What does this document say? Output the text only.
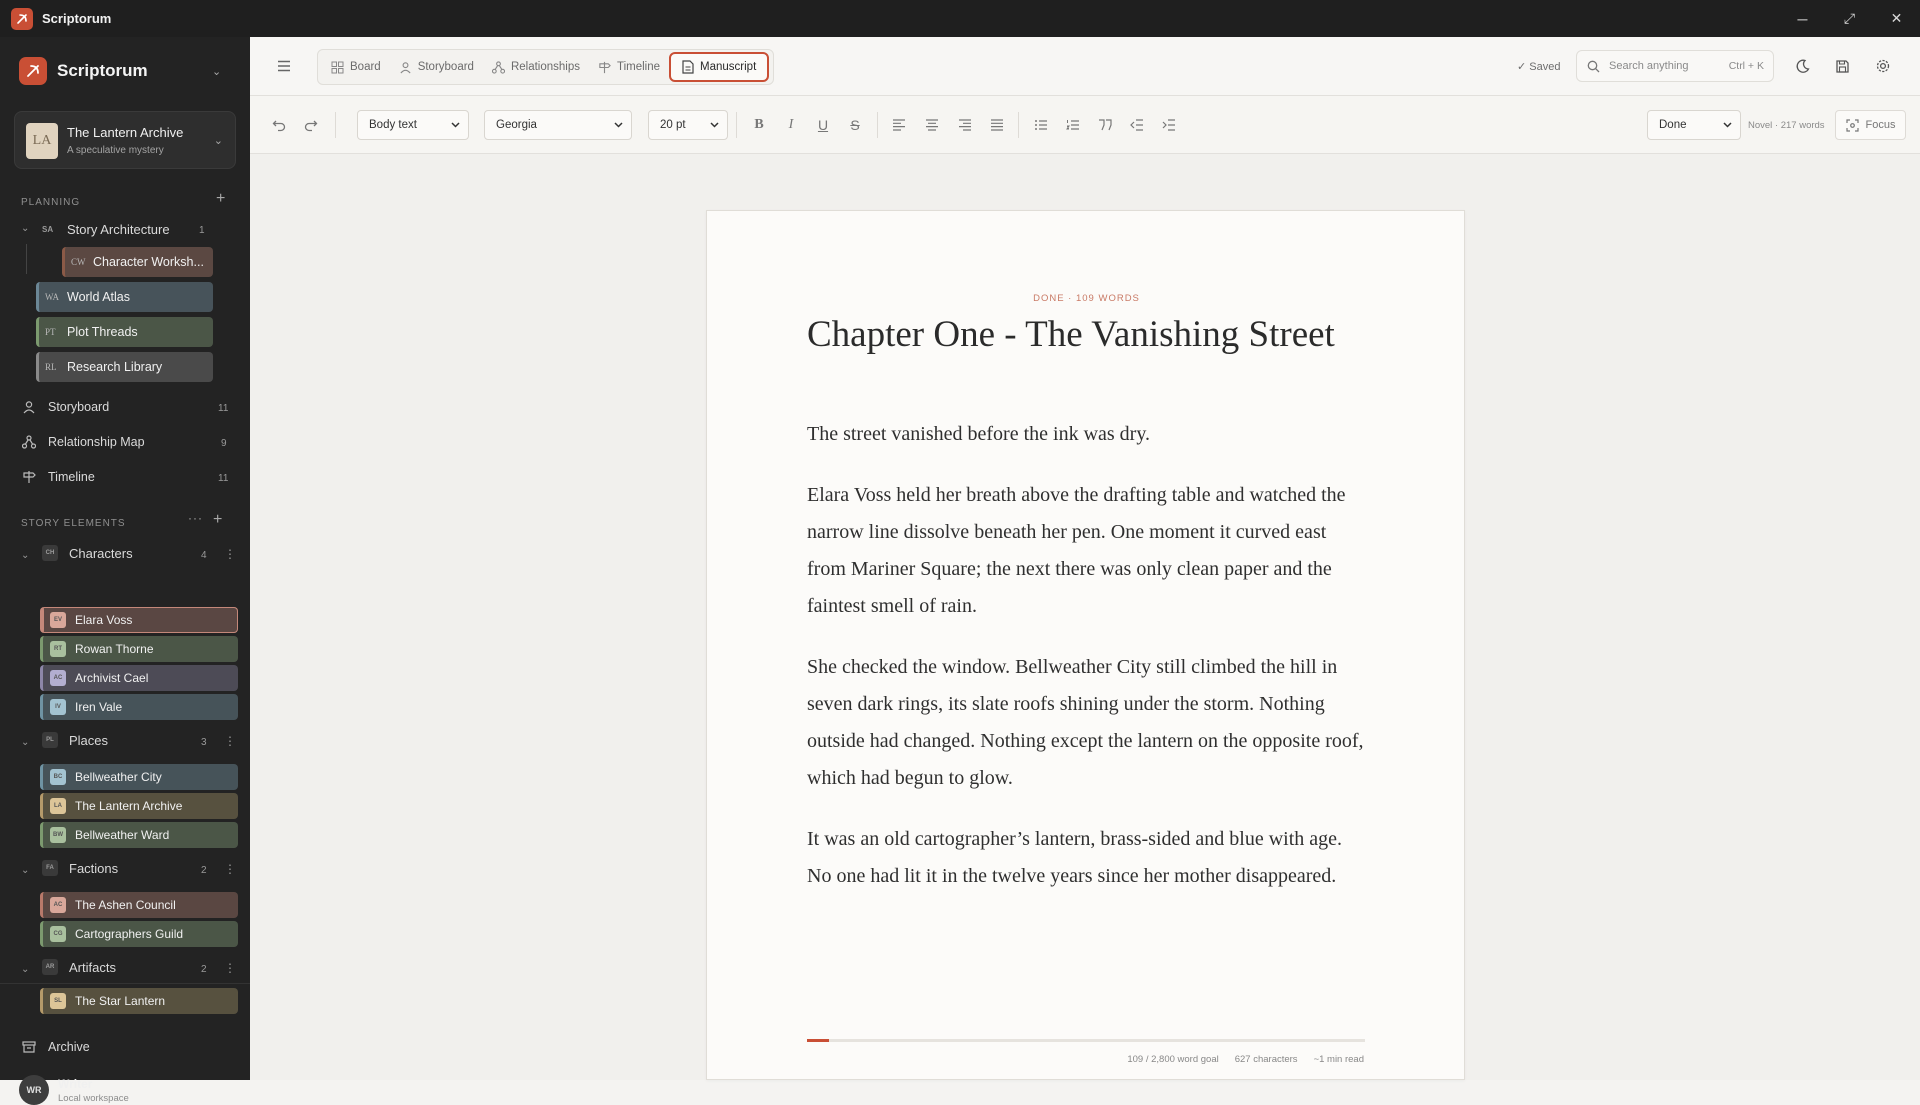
Scriptorum	─	⤢	✕
Scriptorum	⌄
LA
The Lantern Archive
A speculative mystery
⌄
PLANNING	+
⌄ SA	Story Architecture	1
CW Character Worksh...
WA World Atlas
PT Plot Threads
RL Research Library
Storyboard	11
Relationship Map	9
Timeline	11
STORY ELEMENTS	··· +
⌄	CH Characters	4 ⋮
EV	Elara Voss
RT	Rowan Thorne
AC	Archivist Cael
IV	Iren Vale
⌄	PL	Places	3 ⋮
BC	Bellweather City
LA	The Lantern Archive
BW Bellweather Ward
⌄	FA	Factions	2 ⋮
AC	The Ashen Council
CG Cartographers Guild
⌄	AR Artifacts	2 ⋮
SL	The Star Lantern
Archive
WR	Writer
Local workspace
Board	Storyboard	Relationships	Timeline	Manuscript	✓ Saved	Search anything	Ctrl + K
Body text	Georgia	20 pt	B	I	U	S	Done	Novel · 217 words	Focus
DONE · 109 WORDS
Chapter One - The Vanishing Street

The street vanished before the ink was dry.

Elara Voss held her breath above the drafting table and watched the narrow line dissolve beneath her pen. One moment it curved east from Mariner Square; the next there was only clean paper and the faintest smell of rain.

She checked the window. Bellweather City still climbed the hill in seven dark rings, its slate roofs shining under the storm. Nothing outside had changed. Nothing except the lantern on the opposite roof, which had begun to glow.

It was an old cartographer’s lantern, brass-sided and blue with age. No one had lit it in the twelve years since her mother disappeared.

109 / 2,800 word goal 627 characters ~1 min read
